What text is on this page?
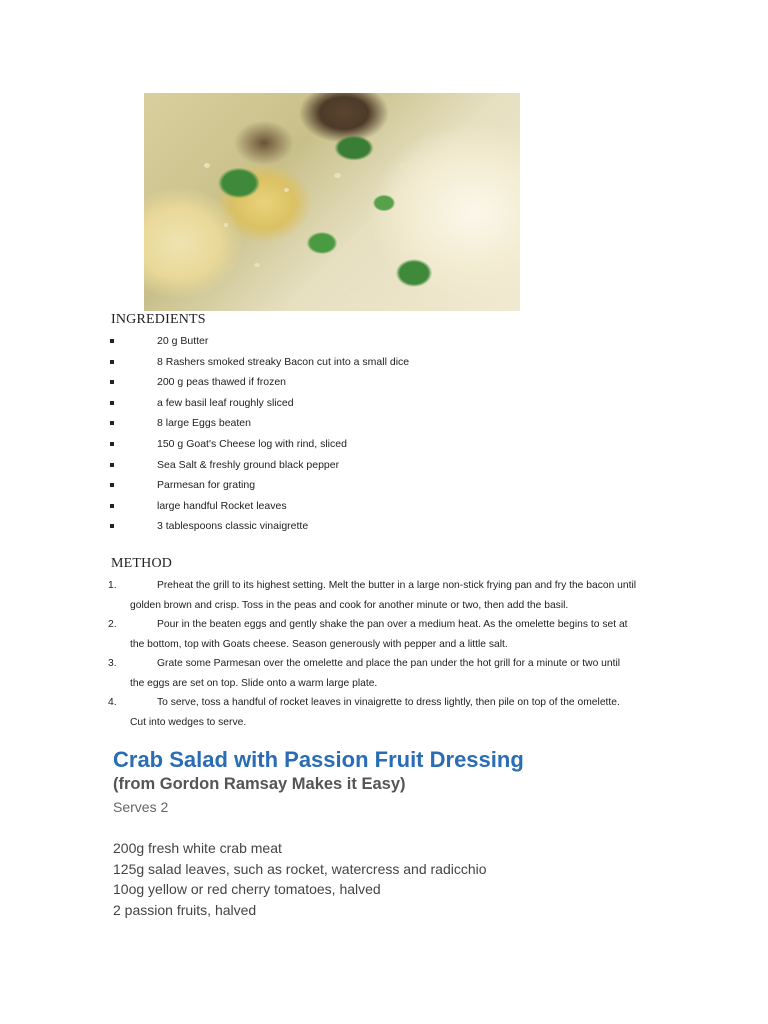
INGREDIENTS
20 g Butter
8 Rashers smoked streaky Bacon cut into a small dice
200 g peas thawed if frozen
a few basil leaf roughly sliced
8 large Eggs beaten
150 g Goat's Cheese log with rind, sliced
Sea Salt & freshly ground black pepper
Parmesan for grating
large handful Rocket leaves
3 tablespoons classic vinaigrette
METHOD
1.	Preheat the grill to its highest setting. Melt the butter in a large non-stick frying pan and fry the bacon until
golden brown and crisp. Toss in the peas and cook for another minute or two, then add the basil.
2.	Pour in the beaten eggs and gently shake the pan over a medium heat. As the omelette begins to set at
the bottom, top with Goats cheese. Season generously with pepper and a little salt.
3.	Grate some Parmesan over the omelette and place the pan under the hot grill for a minute or two until
the eggs are set on top. Slide onto a warm large plate.
4.	To serve, toss a handful of rocket leaves in vinaigrette to dress lightly, then pile on top of the omelette.
Cut into wedges to serve.
Crab Salad with Passion Fruit Dressing
(from Gordon Ramsay Makes it Easy)
Serves 2
200g fresh white crab meat
125g salad leaves, such as rocket, watercress and radicchio
10og yellow or red cherry tomatoes, halved
2 passion fruits, halved
